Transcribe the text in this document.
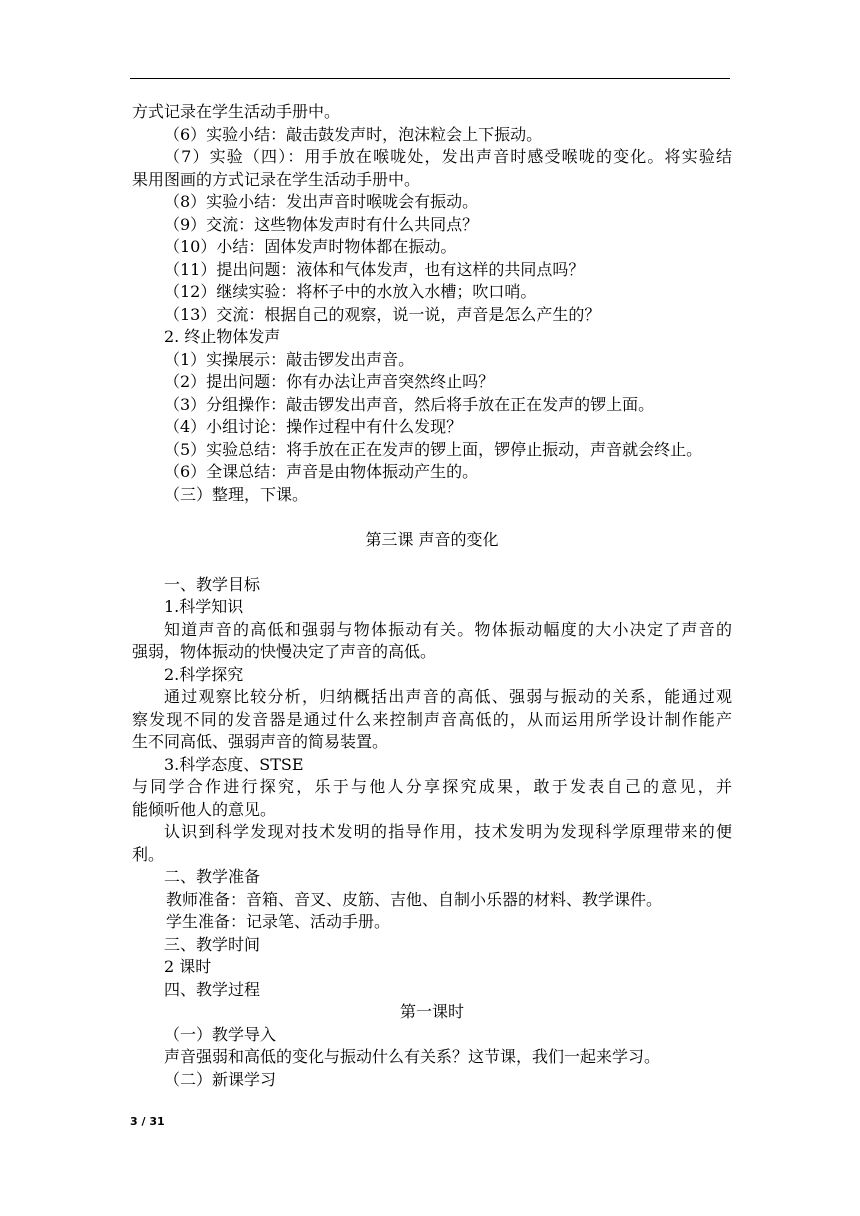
方式记录在学生活动手册中。
（6）实验小结：敲击鼓发声时，泡沫粒会上下振动。
（7）实验（四）：用手放在喉咙处，发出声音时感受喉咙的变化。将实验结
果用图画的方式记录在学生活动手册中。
（8）实验小结：发出声音时喉咙会有振动。
（9）交流：这些物体发声时有什么共同点？
（10）小结：固体发声时物体都在振动。
（11）提出问题：液体和气体发声，也有这样的共同点吗？
（12）继续实验：将杯子中的水放入水槽；吹口哨。
（13）交流：根据自己的观察，说一说，声音是怎么产生的？
2. 终止物体发声
（1）实操展示：敲击锣发出声音。
（2）提出问题：你有办法让声音突然终止吗？
（3）分组操作：敲击锣发出声音，然后将手放在正在发声的锣上面。
（4）小组讨论：操作过程中有什么发现？
（5）实验总结：将手放在正在发声的锣上面，锣停止振动，声音就会终止。
（6）全课总结：声音是由物体振动产生的。
（三）整理，下课。
第三课 声音的变化
一、教学目标
1.科学知识
知道声音的高低和强弱与物体振动有关。物体振动幅度的大小决定了声音的
强弱，物体振动的快慢决定了声音的高低。
2.科学探究
通过观察比较分析，归纳概括出声音的高低、强弱与振动的关系，能通过观
察发现不同的发音器是通过什么来控制声音高低的，从而运用所学设计制作能产
生不同高低、强弱声音的简易装置。
3.科学态度、STSE
与同学合作进行探究，乐于与他人分享探究成果，敢于发表自己的意见，并
能倾听他人的意见。
认识到科学发现对技术发明的指导作用，技术发明为发现科学原理带来的便
利。
二、教学准备
教师准备：音箱、音叉、皮筋、吉他、自制小乐器的材料、教学课件。
学生准备：记录笔、活动手册。
三、教学时间
2 课时
四、教学过程
第一课时
（一）教学导入
声音强弱和高低的变化与振动什么有关系？这节课，我们一起来学习。
（二）新课学习
3 / 31
